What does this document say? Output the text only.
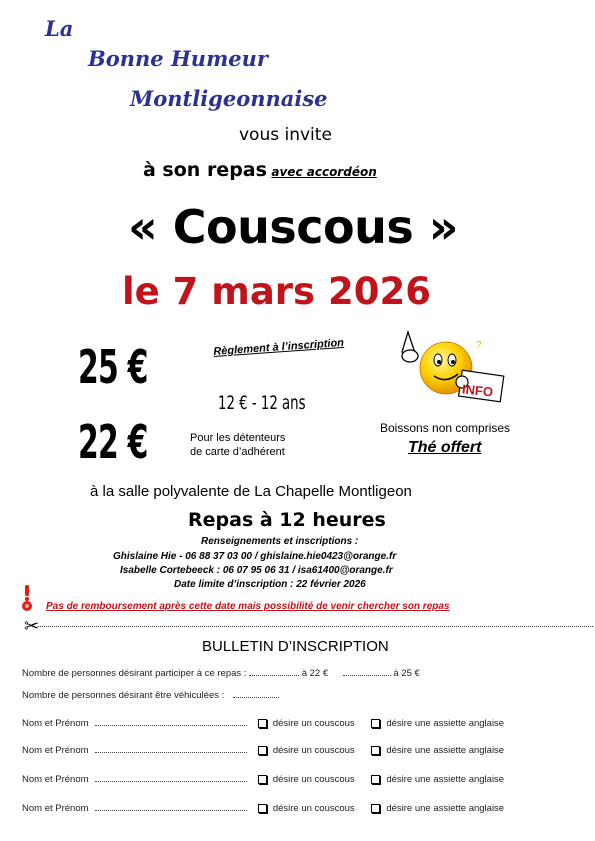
La
Bonne Humeur
Montligeonnaise
vous invite
à son repas avec accordéon
« Couscous »
le 7 mars 2026
25 €
22 €
Règlement à l’inscription
12 € - 12 ans
Pour les détenteurs
de carte d’adhérent
?
INFO
Boissons non comprises
Thé offert
à la salle polyvalente de La Chapelle Montligeon
Repas à 12 heures
Renseignements et inscriptions :
Ghislaine Hie - 06 88 37 03 00 / ghislaine.hie0423@orange.fr
Isabelle Cortebeeck : 06 07 95 06 31 / isa61400@orange.fr
Date limite d’inscription : 22 février 2026
Pas de remboursement après cette date mais possibilité de venir chercher son repas
✂
BULLETIN D’INSCRIPTION
Nombre de personnes désirant participer à ce repas :	à 22 €	à 25 €
Nombre de personnes désirant être véhiculées :
Nom et Prénom	désire un couscous	désire une assiette anglaise
Nom et Prénom	désire un couscous	désire une assiette anglaise
Nom et Prénom	désire un couscous	désire une assiette anglaise
Nom et Prénom	désire un couscous	désire une assiette anglaise
